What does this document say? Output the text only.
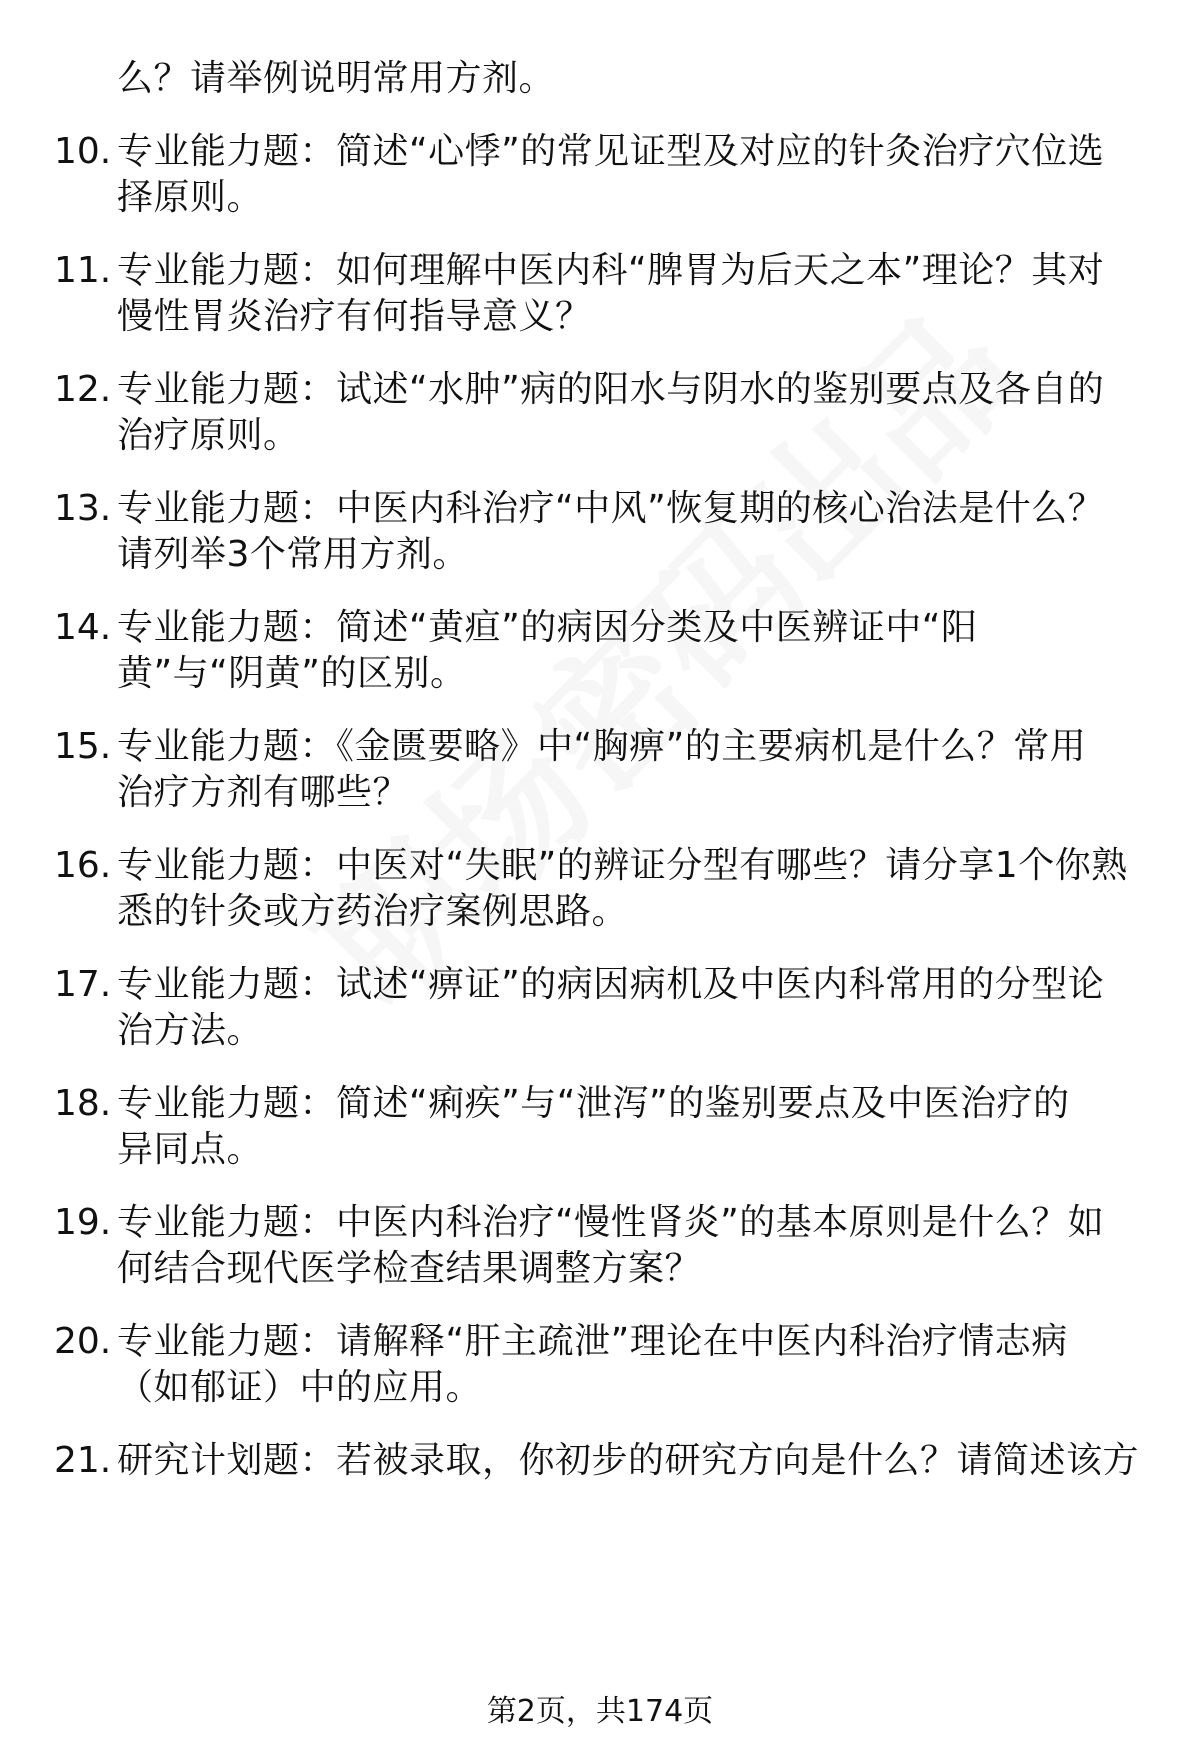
么？请举例说明常用方剂。
10. 专业能力题：简述“心悸”的常见证型及对应的针灸治疗穴位选
择原则。
11. 专业能力题：如何理解中医内科“脾胃为后天之本”理论？其对
慢性胃炎治疗有何指导意义？
12. 专业能力题：试述“水肿”病的阳水与阴水的鉴别要点及各自的
治疗原则。
13. 专业能力题：中医内科治疗“中风”恢复期的核心治法是什么？
请列举3个常用方剂。
14. 专业能力题：简述“黄疸”的病因分类及中医辨证中“阳
黄”与“阴黄”的区别。
15. 专业能力题：《金匮要略》中“胸痹”的主要病机是什么？常用
治疗方剂有哪些？
16. 专业能力题：中医对“失眠”的辨证分型有哪些？请分享1个你熟
悉的针灸或方药治疗案例思路。
17. 专业能力题：试述“痹证”的病因病机及中医内科常用的分型论
治方法。
18. 专业能力题：简述“痢疾”与“泄泻”的鉴别要点及中医治疗的
异同点。
19. 专业能力题：中医内科治疗“慢性肾炎”的基本原则是什么？如
何结合现代医学检查结果调整方案？
20. 专业能力题：请解释“肝主疏泄”理论在中医内科治疗情志病
（如郁证）中的应用。
21. 研究计划题：若被录取，你初步的研究方向是什么？请简述该方
第2页，共174页
